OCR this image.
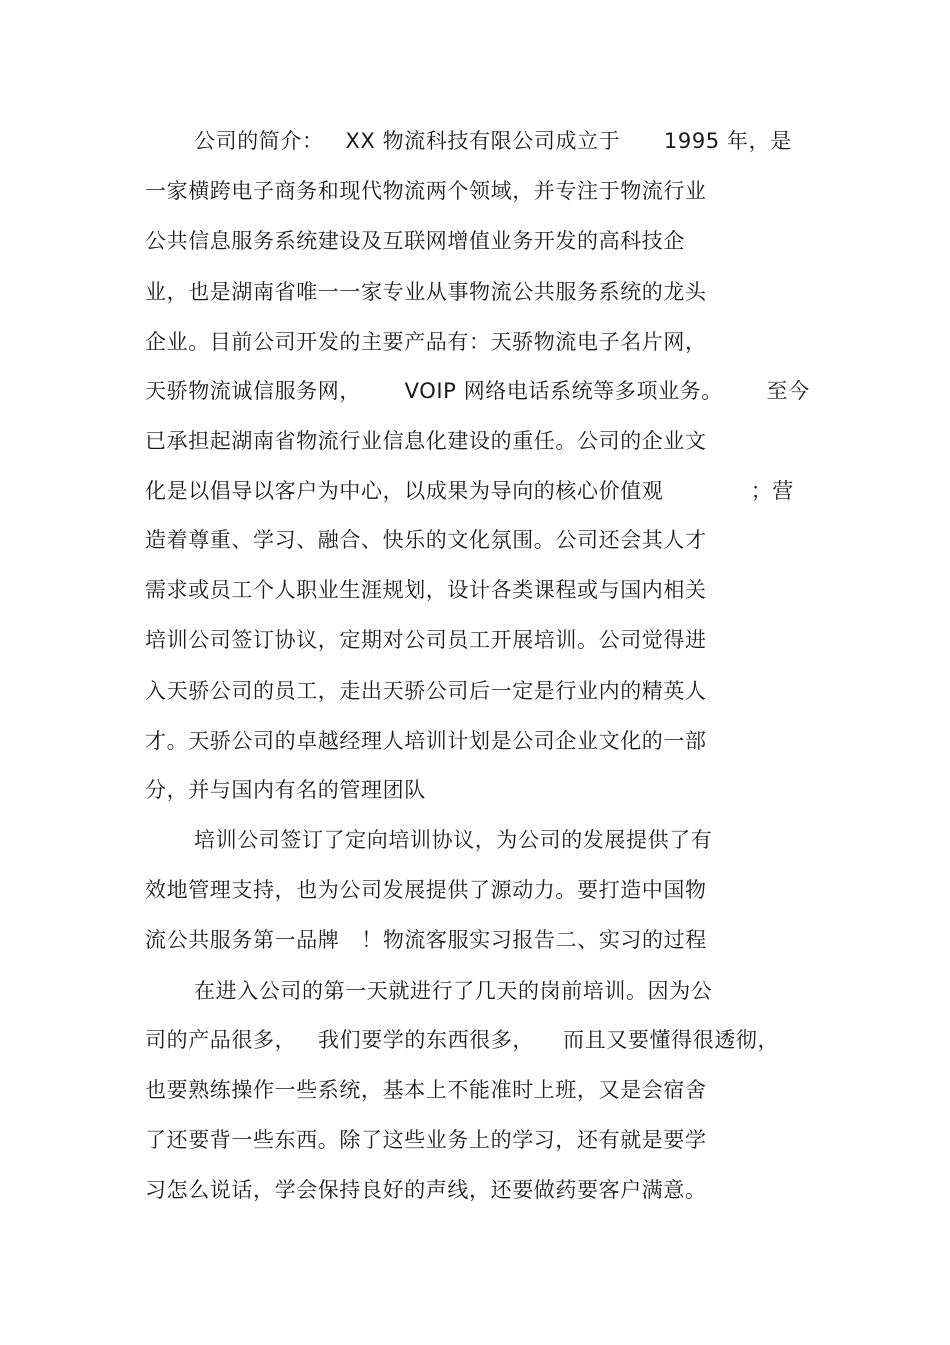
公司的简介：   XX 物流科技有限公司成立于      1995 年，是
一家横跨电子商务和现代物流两个领域，并专注于物流行业
公共信息服务系统建设及互联网增值业务开发的高科技企
业，也是湖南省唯一一家专业从事物流公共服务系统的龙头
企业。目前公司开发的主要产品有：天骄物流电子名片网，
天骄物流诚信服务网，      VOIP 网络电话系统等多项业务。      至今
已承担起湖南省物流行业信息化建设的重任。公司的企业文
化是以倡导以客户为中心，以成果为导向的核心价值观            ；营
造着尊重、学习、融合、快乐的文化氛围。公司还会其人才
需求或员工个人职业生涯规划，设计各类课程或与国内相关
培训公司签订协议，定期对公司员工开展培训。公司觉得进
入天骄公司的员工，走出天骄公司后一定是行业内的精英人
才。天骄公司的卓越经理人培训计划是公司企业文化的一部
分，并与国内有名的管理团队
培训公司签订了定向培训协议，为公司的发展提供了有
效地管理支持，也为公司发展提供了源动力。要打造中国物
流公共服务第一品牌   ！物流客服实习报告二、实习的过程
在进入公司的第一天就进行了几天的岗前培训。因为公
司的产品很多，   我们要学的东西很多，    而且又要懂得很透彻，
也要熟练操作一些系统，基本上不能准时上班，又是会宿舍
了还要背一些东西。除了这些业务上的学习，还有就是要学
习怎么说话，学会保持良好的声线，还要做药要客户满意。
